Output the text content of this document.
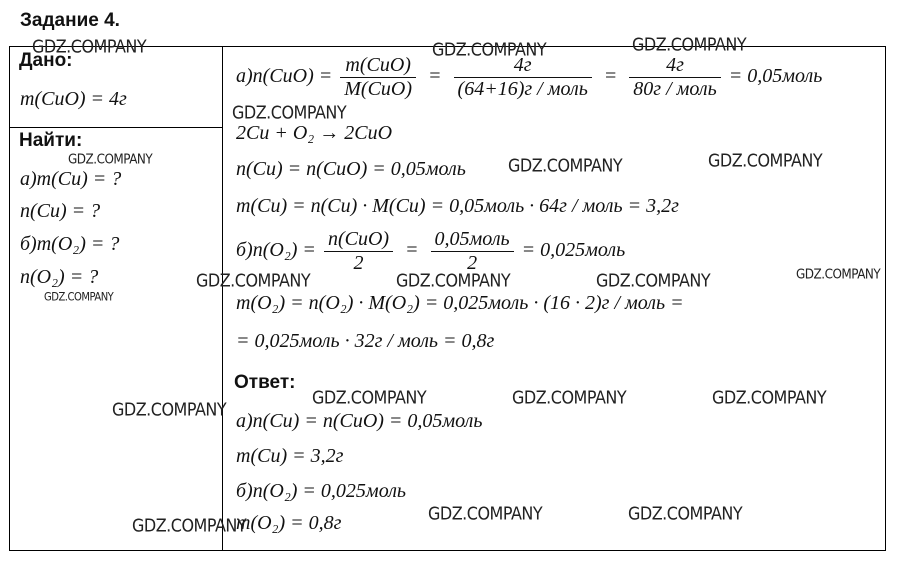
Задание 4.
Дано:
m(CuO) = 4г
Найти:
а)m(Cu) = ?
n(Cu) = ?
б)m(O₂) = ?
n(O₂) = ?
$а)n(CuO) = \frac{\text{m(CuO)}}{\text{M(CuO)}} = \frac{4г}{\text{(64+16)г / моль}} = \frac{4г}{\text{80г / моль}}$ = 0,05моль
2Cu + O₂ → 2CuO
n(Cu) = n(CuO) = 0,05моль
m(Cu) = n(Cu) · M(Cu) = 0,05моль · 64г / моль = 3,2г
$б)n(O_2) = \frac{\text{n(CuO)}}{2} = \frac{\text{0,05моль}}{2}$ = 0,025моль
m(O₂) = n(O₂) · M(O₂) = 0,025моль · (16 · 2)г / моль =
= 0,025моль · 32г / моль = 0,8г
Ответ:
а)n(Cu) = n(CuO) = 0,05моль
m(Cu) = 3,2г
б)n(O₂) = 0,025моль
m(O₂) = 0,8г
GDZ.COMPANY	GDZ.COMPANY	GDZ.COMPANY
GDZ.COMPANY
GDZ.COMPANY	GDZ.COMPANY	GDZ.COMPANY
GDZ.COMPANY	GDZ.COMPANY	GDZ.COMPANY	GDZ.COMPANY
GDZ.COMPANY
GDZ.COMPANY	GDZ.COMPANY	GDZ.COMPANY
GDZ.COMPANY
GDZ.COMPANY	GDZ.COMPANY
GDZ.COMPANY
